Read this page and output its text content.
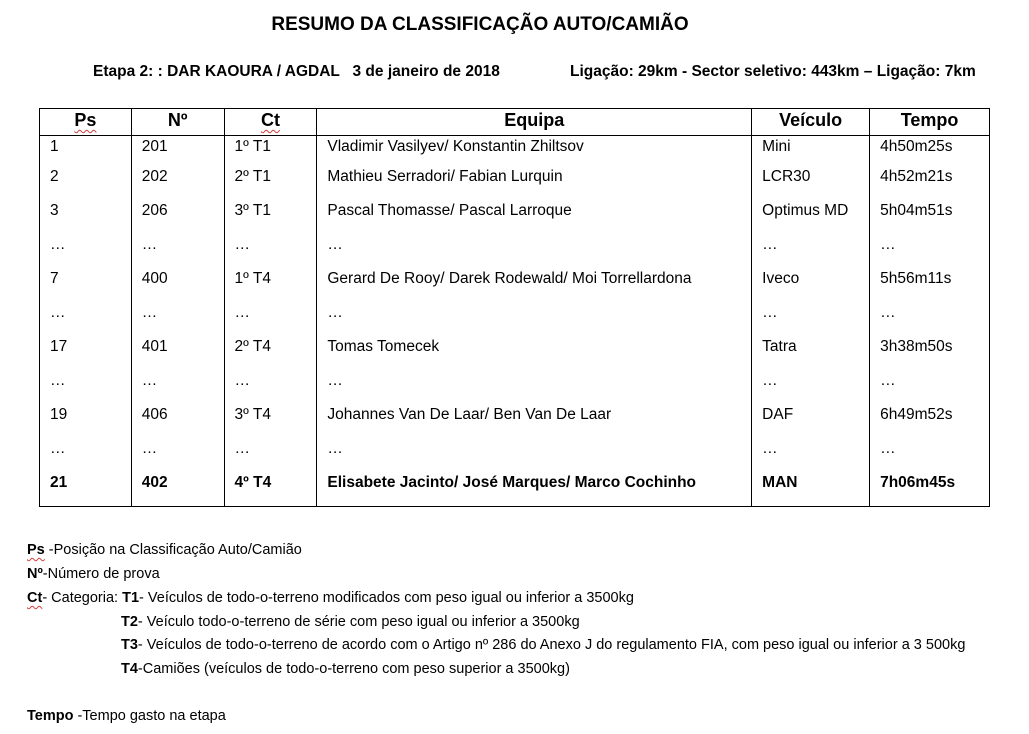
RESUMO DA CLASSIFICAÇÃO AUTO/CAMIÃO
Etapa 2: : DAR KAOURA / AGDAL   3 de janeiro de 2018	Ligação: 29km - Sector seletivo: 443km – Ligação: 7km
Ps	Nº	Ct	Equipa	Veículo	Tempo
1	201	1º T1	Vladimir Vasilyev/ Konstantin Zhiltsov	Mini	4h50m25s
2	202	2º T1	Mathieu Serradori/ Fabian Lurquin	LCR30	4h52m21s
3	206	3º T1	Pascal Thomasse/ Pascal Larroque	Optimus MD	5h04m51s
…	…	…	…	…	…
7	400	1º T4	Gerard De Rooy/ Darek Rodewald/ Moi Torrellardona	Iveco	5h56m11s
…	…	…	…	…	…
17	401	2º T4	Tomas Tomecek	Tatra	3h38m50s
…	…	…	…	…	…
19	406	3º T4	Johannes Van De Laar/ Ben Van De Laar	DAF	6h49m52s
…	…	…	…	…	…
21	402	4º T4	Elisabete Jacinto/ José Marques/ Marco Cochinho	MAN	7h06m45s
Ps -Posição na Classificação Auto/Camião
Nº-Número de prova
Ct- Categoria: T1- Veículos de todo-o-terreno modificados com peso igual ou inferior a 3500kg
T2- Veículo todo-o-terreno de série com peso igual ou inferior a 3500kg
T3- Veículos de todo-o-terreno de acordo com o Artigo nº 286 do Anexo J do regulamento FIA, com peso igual ou inferior a 3 500kg
T4-Camiões (veículos de todo-o-terreno com peso superior a 3500kg)
Tempo -Tempo gasto na etapa
